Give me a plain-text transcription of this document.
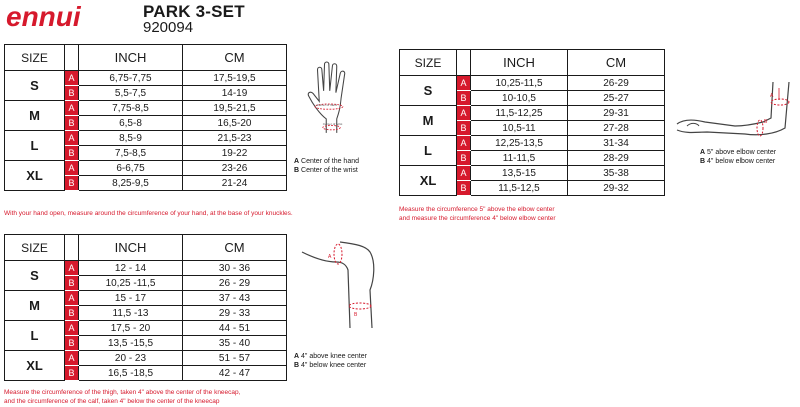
ennui	PARK 3-SET
920094
SIZE		INCH	CM
S	A	6,75-7,75	17,5-19,5
	B	5,5-7,5	14-19
M	A	7,75-8,5	19,5-21,5
	B	6,5-8	16,5-20
L	A	8,5-9	21,5-23
	B	7,5-8,5	19-22
XL	A	6-6,75	23-26
	B	8,25-9,5	21-24
Center of hand
Center of wrist
A Center of the hand
B Center of the wrist
With your hand open, measure around the circumference of your hand, at the base of your knuckles.
SIZE		INCH	CM
S	A	10,25-11,5	26-29
	B	10-10,5	25-27
M	A	11,5-12,25	29-31
	B	10,5-11	27-28
L	A	12,25-13,5	31-34
	B	11-11,5	28-29
XL	A	13,5-15	35-38
	B	11,5-12,5	29-32
A
B
A 5" above elbow center
B 4" below elbow center
Measure the circumference 5" above the elbow center
and measure the circumference 4" below elbow center
SIZE		INCH	CM
S	A	12 - 14	30 - 36
	B	10,25 -11,5	26 - 29
M	A	15 - 17	37 - 43
	B	11,5 -13	29 - 33
L	A	17,5 - 20	44 - 51
	B	13,5 -15,5	35 - 40
XL	A	20 - 23	51 - 57
	B	16,5 -18,5	42 - 47
A
B
A 4" above knee center
B 4" below knee center
Measure the circumference of the thigh, taken 4" above the center of the kneecap,
and the circumference of the calf, taken 4" below the center of the kneecap
